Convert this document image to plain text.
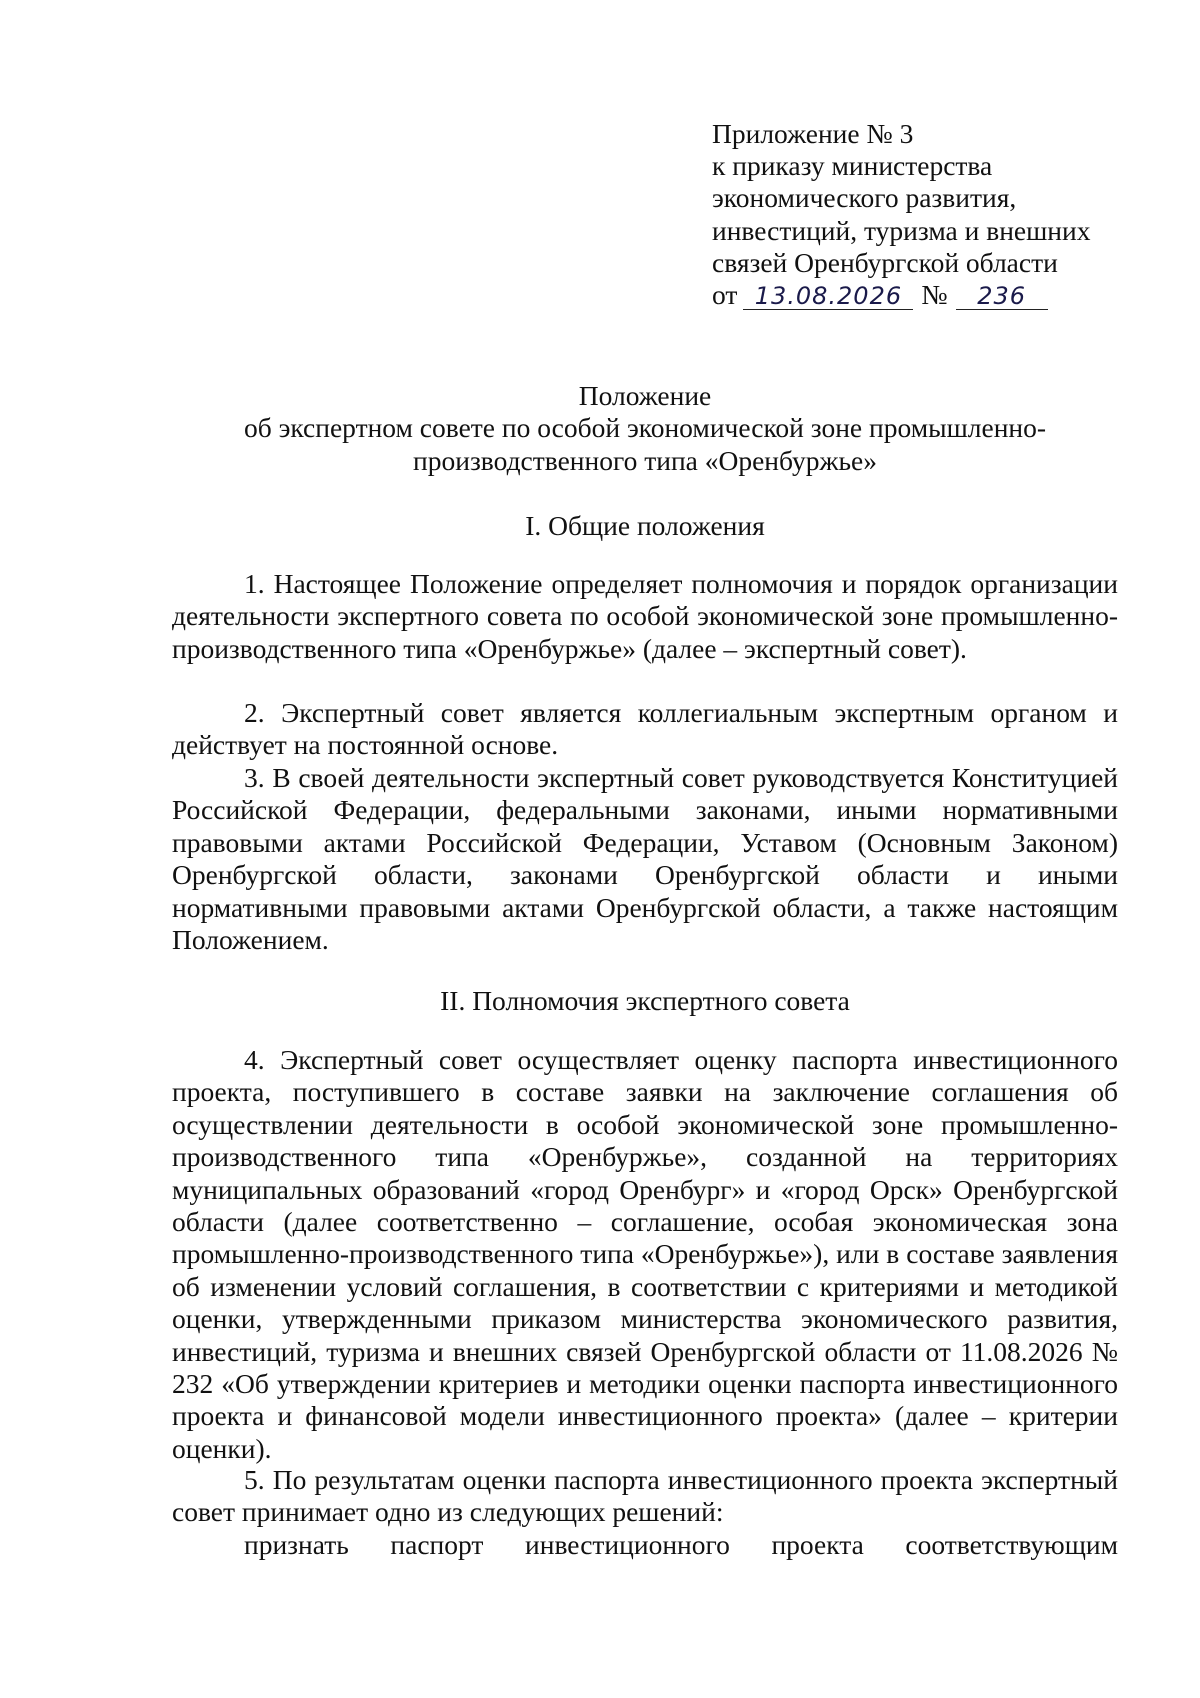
Приложение № 3
к приказу министерства
экономического развития,
инвестиций, туризма и внешних
связей Оренбургской области
от 13.08.2026 № 236
Положение
об экспертном совете по особой экономической зоне промышленно-
производственного типа «Оренбуржье»
I. Общие положения
1. Настоящее Положение определяет полномочия и порядок организации деятельности экспертного совета по особой экономической зоне промышленно-производственного типа «Оренбуржье» (далее – экспертный совет).
2. Экспертный совет является коллегиальным экспертным органом и действует на постоянной основе.
3. В своей деятельности экспертный совет руководствуется Конституцией Российской Федерации, федеральными законами, иными нормативными правовыми актами Российской Федерации, Уставом (Основным Законом) Оренбургской области, законами Оренбургской области и иными нормативными правовыми актами Оренбургской области, а также настоящим Положением.
II. Полномочия экспертного совета
4. Экспертный совет осуществляет оценку паспорта инвестиционного проекта, поступившего в составе заявки на заключение соглашения об осуществлении деятельности в особой экономической зоне промышленно-производственного типа «Оренбуржье», созданной на территориях муниципальных образований «город Оренбург» и «город Орск» Оренбургской области (далее соответственно – соглашение, особая экономическая зона промышленно-производственного типа «Оренбуржье»), или в составе заявления об изменении условий соглашения, в соответствии с критериями и методикой оценки, утвержденными приказом министерства экономического развития, инвестиций, туризма и внешних связей Оренбургской области от 11.08.2026 № 232 «Об утверждении критериев и методики оценки паспорта инвестиционного проекта и финансовой модели инвестиционного проекта» (далее – критерии оценки).
5. По результатам оценки паспорта инвестиционного проекта экспертный совет принимает одно из следующих решений:
признать паспорт инвестиционного проекта соответствующим
